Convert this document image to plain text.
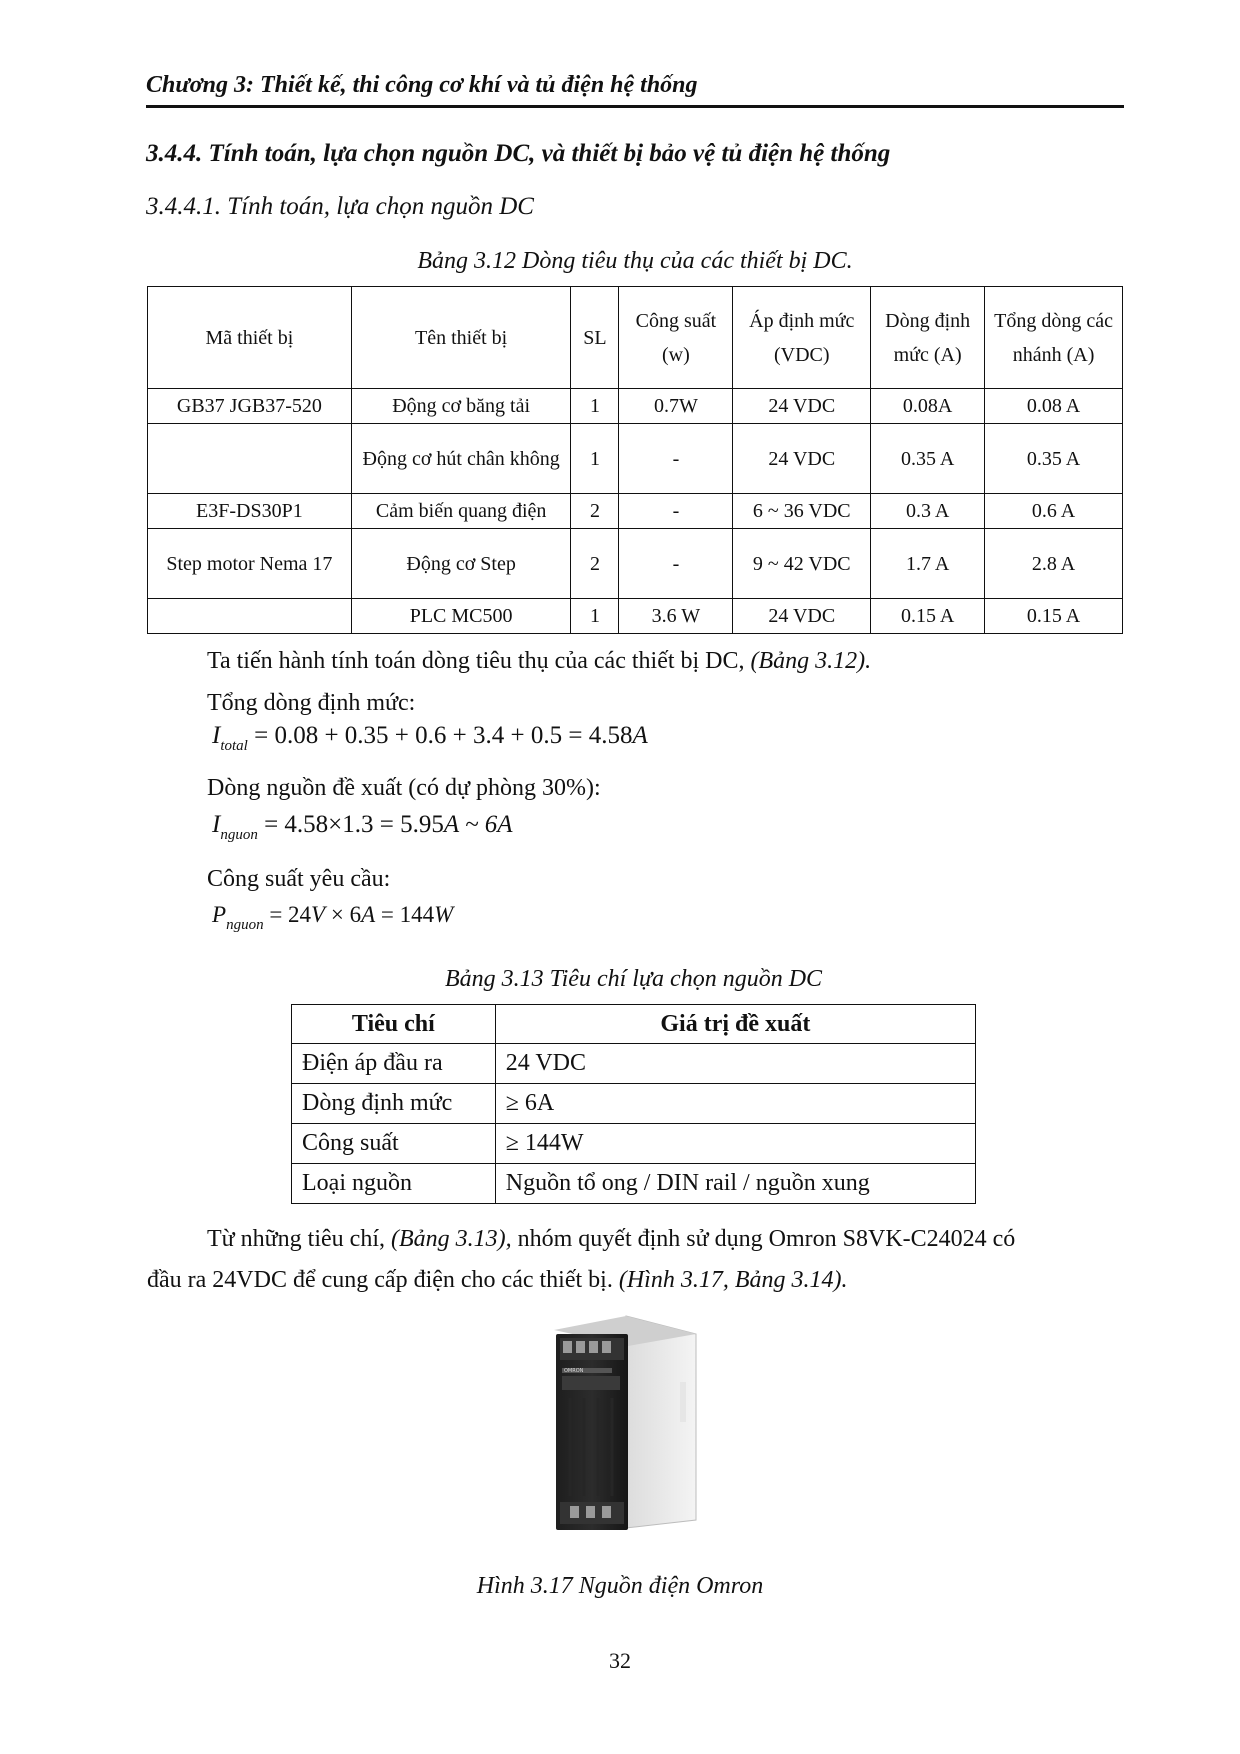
Chương 3: Thiết kế, thi công cơ khí và tủ điện hệ thống
3.4.4. Tính toán, lựa chọn nguồn DC, và thiết bị bảo vệ tủ điện hệ thống
3.4.4.1. Tính toán, lựa chọn nguồn DC
Bảng 3.12 Dòng tiêu thụ của các thiết bị DC.
Mã thiết bị	Tên thiết bị	SL	Công suất (w)	Áp định mức (VDC)	Dòng định mức (A)	Tổng dòng các nhánh (A)
GB37 JGB37-520	Động cơ băng tải	1	0.7W	24 VDC	0.08A	0.08 A
	Động cơ hút chân không	1	-	24 VDC	0.35 A	0.35 A
E3F-DS30P1	Cảm biến quang điện	2	-	6 ~ 36 VDC	0.3 A	0.6 A
Step motor Nema 17	Động cơ Step	2	-	9 ~ 42 VDC	1.7 A	2.8 A
	PLC MC500	1	3.6 W	24 VDC	0.15 A	0.15 A
Ta tiến hành tính toán dòng tiêu thụ của các thiết bị DC, (Bảng 3.12).
Tổng dòng định mức:
$I_{total} = 0.08 + 0.35 + 0.6 + 3.4 + 0.5 = 4.58A$
Dòng nguồn đề xuất (có dự phòng 30%):
$I_{nguon} = 4.58\times 1.3 = 5.95A$ ~ 6A
Công suất yêu cầu:
$P_{nguon} = 24V \times 6A = 144W$
Bảng 3.13 Tiêu chí lựa chọn nguồn DC
Tiêu chí	Giá trị đề xuất
Điện áp đầu ra	24 VDC
Dòng định mức	≥ 6A
Công suất	≥ 144W
Loại nguồn	Nguồn tổ ong / DIN rail / nguồn xung
Từ những tiêu chí, (Bảng 3.13), nhóm quyết định sử dụng Omron S8VK-C24024 có
đầu ra 24VDC để cung cấp điện cho các thiết bị. (Hình 3.17, Bảng 3.14).
OMRON
Hình 3.17 Nguồn điện Omron
32
